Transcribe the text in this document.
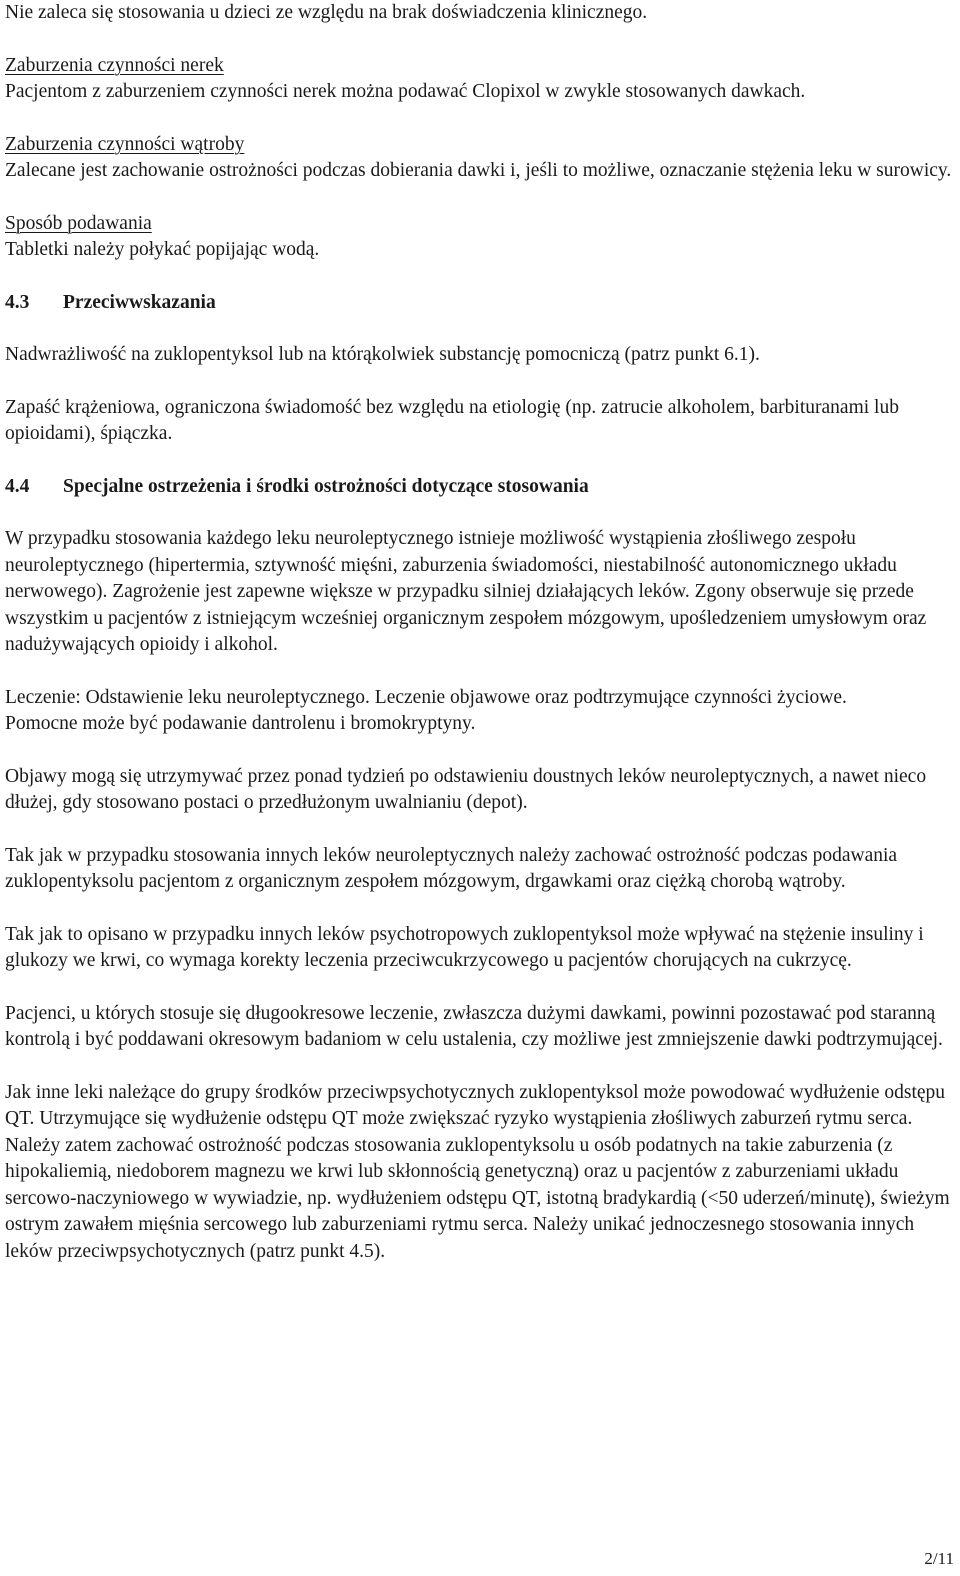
Nie zaleca się stosowania u dzieci ze względu na brak doświadczenia klinicznego.

Zaburzenia czynności nerek

Pacjentom z zaburzeniem czynności nerek można podawać Clopixol w zwykle stosowanych dawkach.

Zaburzenia czynności wątroby

Zalecane jest zachowanie ostrożności podczas dobierania dawki i, jeśli to możliwe, oznaczanie stężenia leku w surowicy.

Sposób podawania

Tabletki należy połykać popijając wodą.

4.3 Przeciwwskazania

Nadwrażliwość na zuklopentyksol lub na którąkolwiek substancję pomocniczą (patrz punkt 6.1).

Zapaść krążeniowa, ograniczona świadomość bez względu na etiologię (np. zatrucie alkoholem, barbituranami lub opioidami), śpiączka.

4.4 Specjalne ostrzeżenia i środki ostrożności dotyczące stosowania

W przypadku stosowania każdego leku neuroleptycznego istnieje możliwość wystąpienia złośliwego zespołu neuroleptycznego (hipertermia, sztywność mięśni, zaburzenia świadomości, niestabilność autonomicznego układu nerwowego). Zagrożenie jest zapewne większe w przypadku silniej działających leków. Zgony obserwuje się przede wszystkim u pacjentów z istniejącym wcześniej organicznym zespołem mózgowym, upośledzeniem umysłowym oraz nadużywających opioidy i alkohol.

Leczenie: Odstawienie leku neuroleptycznego. Leczenie objawowe oraz podtrzymujące czynności życiowe.

Pomocne może być podawanie dantrolenu i bromokryptyny.

Objawy mogą się utrzymywać przez ponad tydzień po odstawieniu doustnych leków neuroleptycznych, a nawet nieco dłużej, gdy stosowano postaci o przedłużonym uwalnianiu (depot).

Tak jak w przypadku stosowania innych leków neuroleptycznych należy zachować ostrożność podczas podawania zuklopentyksolu pacjentom z organicznym zespołem mózgowym, drgawkami oraz ciężką chorobą wątroby.

Tak jak to opisano w przypadku innych leków psychotropowych zuklopentyksol może wpływać na stężenie insuliny i glukozy we krwi, co wymaga korekty leczenia przeciwcukrzycowego u pacjentów chorujących na cukrzycę.

Pacjenci, u których stosuje się długookresowe leczenie, zwłaszcza dużymi dawkami, powinni pozostawać pod staranną kontrolą i być poddawani okresowym badaniom w celu ustalenia, czy możliwe jest zmniejszenie dawki podtrzymującej.

Jak inne leki należące do grupy środków przeciwpsychotycznych zuklopentyksol może powodować wydłużenie odstępu QT. Utrzymujące się wydłużenie odstępu QT może zwiększać ryzyko wystąpienia złośliwych zaburzeń rytmu serca. Należy zatem zachować ostrożność podczas stosowania zuklopentyksolu u osób podatnych na takie zaburzenia (z hipokaliemią, niedoborem magnezu we krwi lub skłonnością genetyczną) oraz u pacjentów z zaburzeniami układu sercowo-naczyniowego w wywiadzie, np. wydłużeniem odstępu QT, istotną bradykardią (<50 uderzeń/minutę), świeżym ostrym zawałem mięśnia sercowego lub zaburzeniami rytmu serca. Należy unikać jednoczesnego stosowania innych leków przeciwpsychotycznych (patrz punkt 4.5).

2/11
